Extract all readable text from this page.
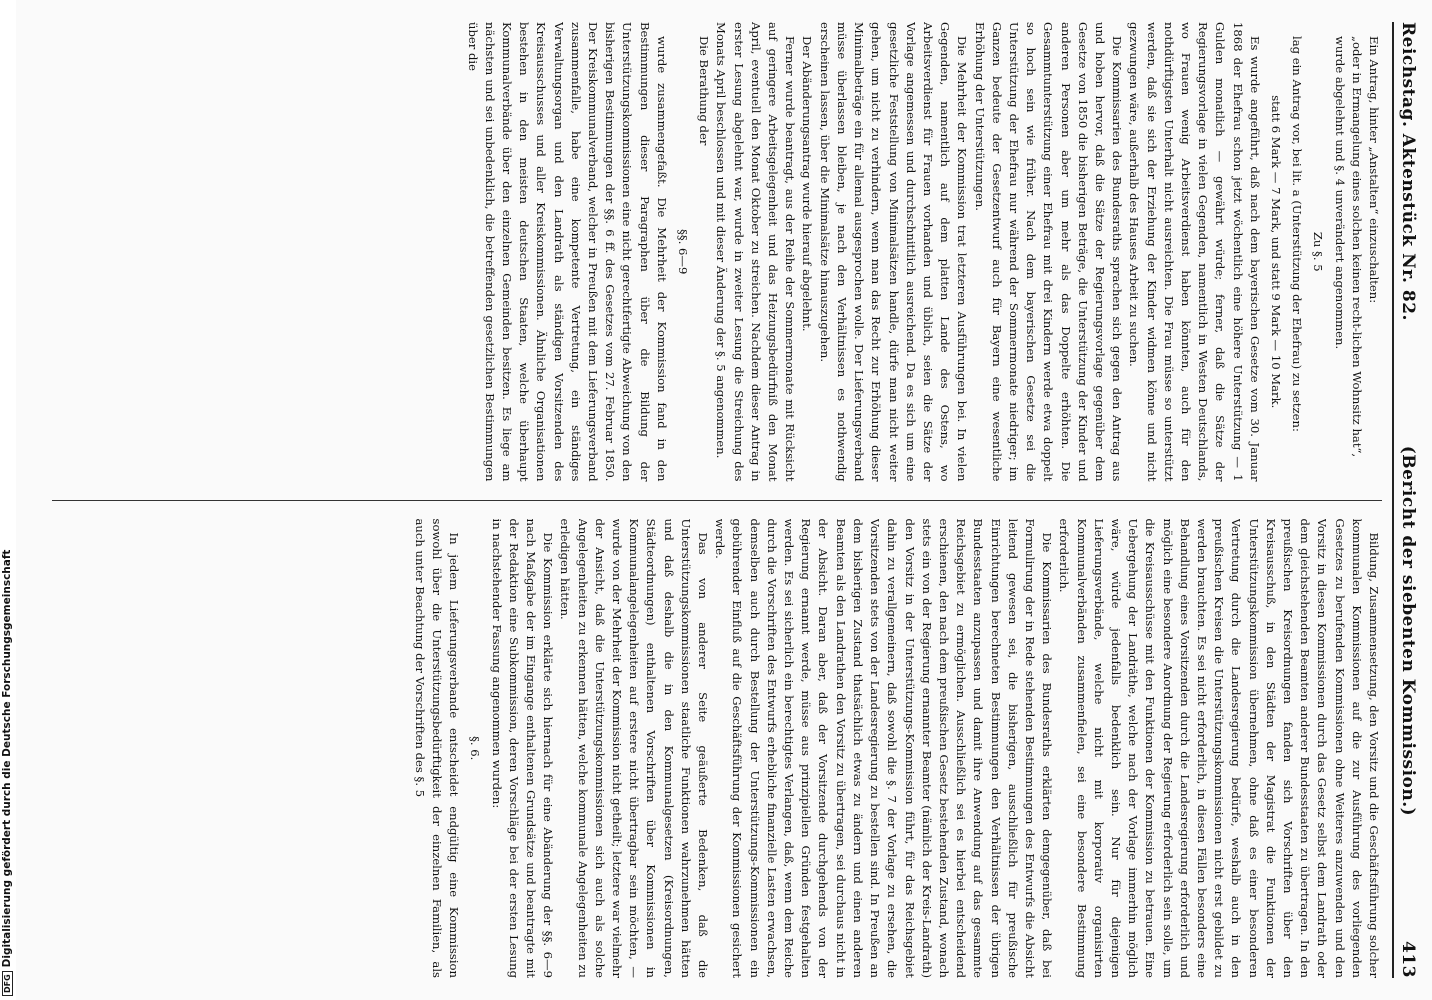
Reichstag. Aktenstück Nr. 82.
(Bericht der siebenten Kommission.)
413

Ein Antrag, hinter „Anstalten“ einzuschalten:

„oder in Ermangelung eines solchen keinen recht-lichen Wohnsitz hat“,

wurde abgelehnt und §. 4 unverändert angenommen.

Zu §. 5

lag ein Antrag vor, bei lit. a (Unterstützung der Ehefrau) zu setzen:

statt 6 Mark — 7 Mark, und statt 9 Mark — 10 Mark.

Es wurde angeführt, daß nach dem bayerischen Gesetze vom 30. Januar 1868 der Ehefrau schon jetzt wöchentlich eine höhere Unterstützung — 1 Gulden monatlich — gewährt würde; ferner, daß die Sätze der Regierungsvorlage in vielen Gegenden, namentlich in Westen Deutschlands, wo Frauen wenig Arbeitsverdienst haben könnten, auch für den nothdürftigsten Unterhalt nicht ausreichten. Die Frau müsse so unterstützt werden, daß sie sich der Erziehung der Kinder widmen könne und nicht gezwungen wäre, außerhalb des Hauses Arbeit zu suchen.

Die Kommissarien des Bundesraths sprachen sich gegen den Antrag aus und hoben hervor, daß die Sätze der Regierungsvorlage gegenüber dem Gesetze von 1850 die bisherigen Beträge, die Unterstützung der Kinder und anderen Personen aber um mehr als das Doppelte erhöhten. Die Gesammtunterstützung einer Ehefrau mit drei Kindern werde etwa doppelt so hoch sein wie früher. Nach dem bayerischen Gesetze sei die Unterstützung der Ehefrau nur während der Sommermonate niedriger; im Ganzen bedeute der Gesetzentwurf auch für Bayern eine wesentliche Erhöhung der Unterstützungen.

Die Mehrheit der Kommission trat letzteren Ausführungen bei. In vielen Gegenden, namentlich auf dem platten Lande des Ostens, wo Arbeitsverdienst für Frauen vorhanden und üblich, seien die Sätze der Vorlage angemessen und durchschnittlich ausreichend. Da es sich um eine gesetzliche Feststellung von Minimalsätzen handle, dürfe man nicht weiter gehen, um nicht zu verhindern, wenn man das Recht zur Erhöhung dieser Minimalbeträge ein für allemal ausgesprochen wolle. Der Lieferungsverband müsse überlassen bleiben, je nach den Verhältnissen es nothwendig erscheinen lassen, über die Minimalsätze hinauszugehen.

Der Abänderungsantrag wurde hierauf abgelehnt.

Ferner wurde beantragt, aus der Reihe der Sommermonate mit Rücksicht auf geringere Arbeitsgelegenheit und das Heizungsbedürfniß den Monat April, eventuell den Monat Oktober zu streichen. Nachdem dieser Antrag in erster Lesung abgelehnt war, wurde in zweiter Lesung die Streichung des Monats April beschlossen und mit dieser Änderung der §. 5 angenommen.

Die Berathung der

§§. 6—9

wurde zusammengefaßt. Die Mehrheit der Kommission fand in den Bestimmungen dieser Paragraphen über die Bildung der Unterstützungskommissionen eine nicht gerechtfertigte Abweichung von den bisherigen Bestimmungen der §§. 6 ff. des Gesetzes vom 27. Februar 1850. Der Kreiskommunalverband, welcher in Preußen mit dem Lieferungsverband zusammenfalle, habe eine kompetente Vertretung, ein ständiges Verwaltungsorgan und den Landrath als ständigen Vorsitzenden des Kreisausschusses und aller Kreiskommissionen. Ähnliche Organisationen bestehen in den meisten deutschen Staaten, welche überhaupt Kommunalverbände über den einzelnen Gemeinden besitzen. Es liege am nächsten und sei unbedenklich, die betreffenden gesetzlichen Bestimmungen über die

Bildung, Zusammensetzung, den Vorsitz und die Geschäftsführung solcher kommunalen Kommissionen auf die zur Ausführung des vorliegenden Gesetzes zu berufenden Kommissionen ohne Weiteres anzuwenden und den Vorsitz in diesen Kommissionen durch das Gesetz selbst dem Landrath oder dem gleichstehenden Beamten anderer Bundesstaaten zu übertragen. In den preußischen Kreisordnungen fanden sich Vorschriften über den Kreisausschuß, in den Städten der Magistrat die Funktionen der Unterstützungskommission übernehmen, ohne daß es einer besonderen Vertretung durch die Landesregierung bedürfe, weshalb auch in den preußischen Kreisen die Unterstützungskommissionen nicht erst gebildet zu werden brauchten. Es sei nicht erforderlich, in diesen Fällen besonders eine Behandlung eines Vorsitzenden durch die Landesregierung erforderlich und möglich eine besondere Anordnung der Regierung erforderlich sein solle, um die Kreisausschüsse mit den Funktionen der Kommission zu betrauen. Eine Uebergehung der Landräthe, welche nach der Vorlage immerhin möglich wäre, würde jedenfalls bedenklich sein. Nur für diejenigen Lieferungsverbände, welche nicht mit korporativ organisirten Kommunalverbänden zusammenfielen, sei eine besondere Bestimmung erforderlich.

Die Kommissarien des Bundesraths erklärten demgegenüber, daß bei Formulirung der in Rede stehenden Bestimmungen des Entwurfs die Absicht leitend gewesen sei, die bisherigen, ausschließlich für preußische Einrichtungen berechneten Bestimmungen den Verhältnissen der übrigen Bundesstaaten anzupassen und damit ihre Anwendung auf das gesammte Reichsgebiet zu ermöglichen. Ausschließlich sei es hierbei entscheidend erschienen, den nach dem preußischen Gesetz bestehenden Zustand, wonach stets ein von der Regierung ernannter Beamter (nämlich der Kreis-Landrath) den Vorsitz in der Unterstützungs-Kommission führt, für das Reichsgebiet dahin zu verallgemeinern, daß sowohl die §. 7 der Vorlage zu ersehen, die Vorsitzenden stets von der Landesregierung zu bestellen sind. In Preußen an dem bisherigen Zustand thatsächlich etwas zu ändern und einen anderen Beamten als den Landrathen den Vorsitz zu übertragen, sei durchaus nicht in der Absicht. Daran aber, daß der Vorsitzende durchgehends von der Regierung ernannt werde, müsse aus prinzipiellen Gründen festgehalten werden. Es sei sicherlich ein berechtigtes Verlangen, daß, wenn dem Reiche durch die Vorschriften des Entwurfs erhebliche finanzielle Lasten erwachsen, demselben auch durch Bestellung der Unterstützungs-Kommissionen ein gebührender Einfluß auf die Geschäftsführung der Kommissionen gesichert werde.

Das von anderer Seite geäußerte Bedenken, daß die Unterstützungskommissionen staatliche Funktionen wahrzunehmen hätten und daß deshalb die in den Kommunalgesetzen (Kreisordnungen, Städteordnungen) enthaltenen Vorschriften über Kommissionen in Kommunalangelegenheiten auf erstere nicht übertragbar sein möchten, — wurde von der Mehrheit der Kommission nicht getheilt; letztere war vielmehr der Ansicht, daß die Unterstützungskommissionen sich auch als solche Angelegenheiten zu erkennen hätten, welche kommunale Angelegenheiten zu erledigen hätten.

Die Kommission erklärte sich hiernach für eine Abänderung der §§. 6—9 nach Maßgabe der im Eingange enthaltenen Grundsätze und beantragte mit der Redaktion eine Subkommission, deren Vorschläge bei der ersten Lesung in nachstehender Fassung angenommen wurden:

§. 6.

In jedem Lieferungsverbande entscheidet endgültig eine Kommission sowohl über die Unterstützungsbedürftigkeit der einzelnen Familien, als auch unter Beachtung der Vorschriften des §. 5

DFGDigitalisierung gefördert durch die Deutsche Forschungsgemeinschaft
